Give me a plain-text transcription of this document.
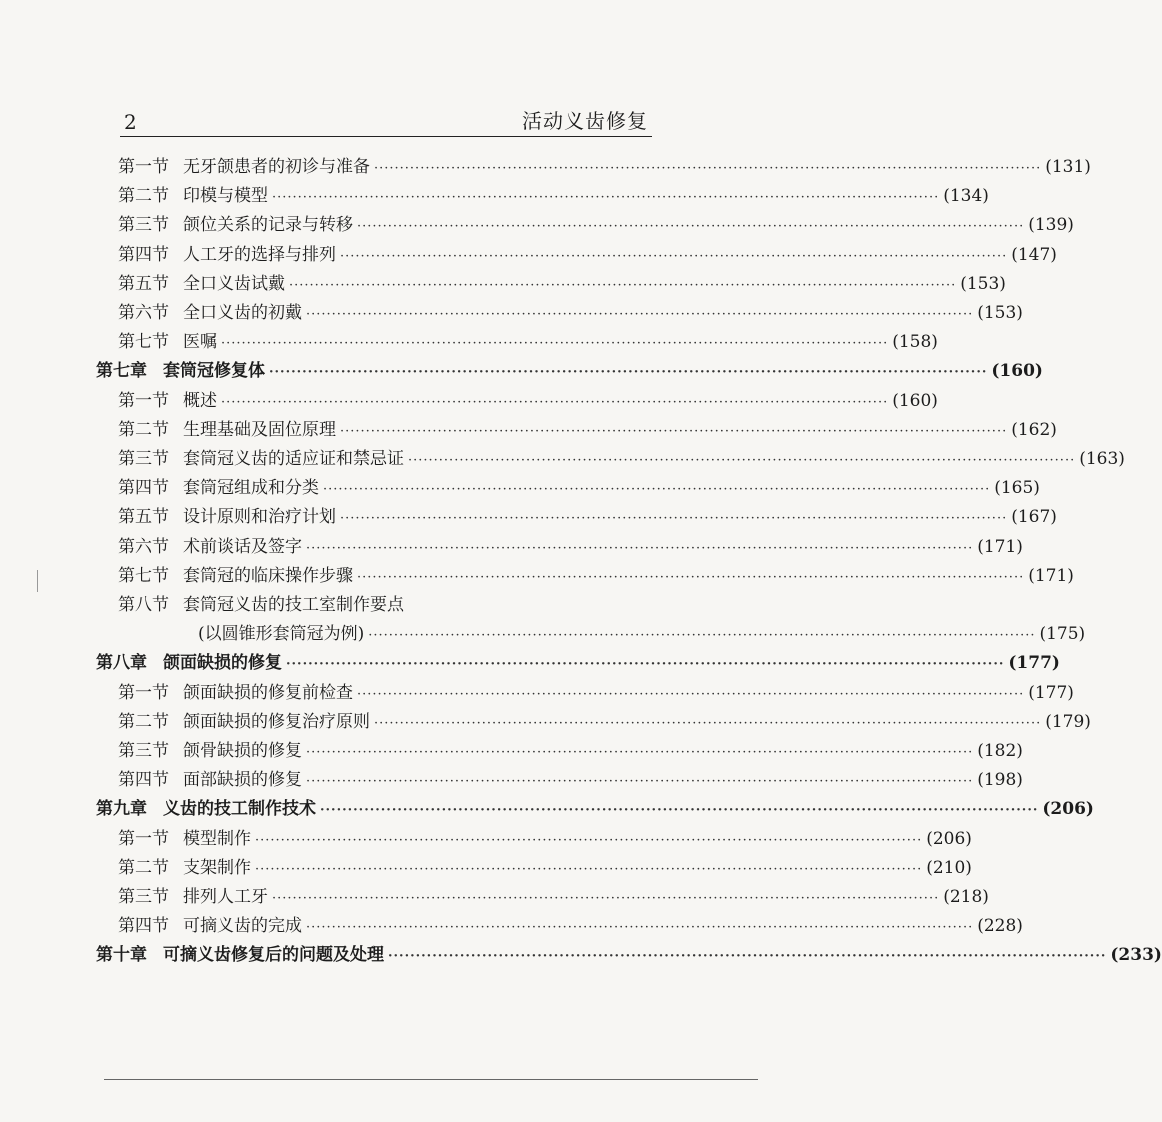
2	活动义齿修复
第一节 无牙颌患者的初诊与准备 ·····	(131)
第二节 印模与模型 ·····	(134)
第三节 颌位关系的记录与转移 ·····	(139)
第四节 人工牙的选择与排列 ·····	(147)
第五节 全口义齿试戴 ·····	(153)
第六节 全口义齿的初戴 ·····	(153)
第七节 医嘱 ·····	(158)
第七章 套筒冠修复体 ·····	(160)
第一节 概述 ·····	(160)
第二节 生理基础及固位原理 ·····	(162)
第三节 套筒冠义齿的适应证和禁忌证 ·····	(163)
第四节 套筒冠组成和分类 ·····	(165)
第五节 设计原则和治疗计划 ·····	(167)
第六节 术前谈话及签字 ·····	(171)
第七节 套筒冠的临床操作步骤 ·····	(171)
第八节 套筒冠义齿的技工室制作要点
(以圆锥形套筒冠为例) ·····	(175)
第八章 颌面缺损的修复 ·····	(177)
第一节 颌面缺损的修复前检查 ·····	(177)
第二节 颌面缺损的修复治疗原则 ·····	(179)
第三节 颌骨缺损的修复 ·····	(182)
第四节 面部缺损的修复 ·····	(198)
第九章 义齿的技工制作技术 ·····	(206)
第一节 模型制作 ·····	(206)
第二节 支架制作 ·····	(210)
第三节 排列人工牙 ·····	(218)
第四节 可摘义齿的完成 ·····	(228)
第十章 可摘义齿修复后的问题及处理 ·····	(233)
